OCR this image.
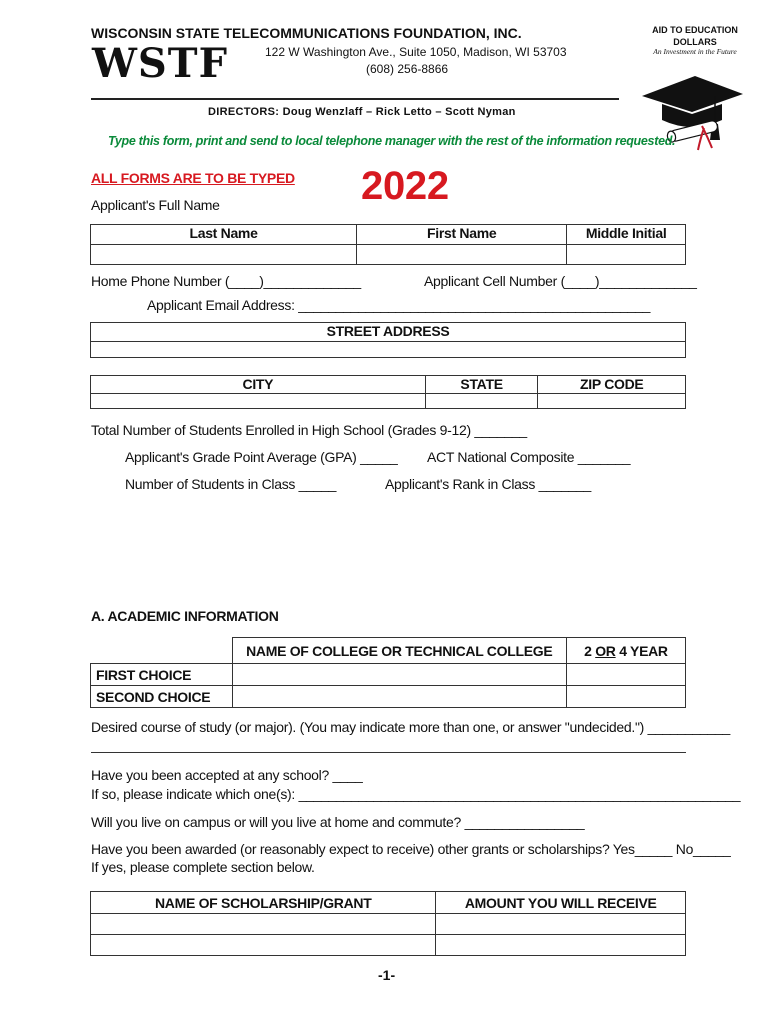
WISCONSIN STATE TELECOMMUNICATIONS FOUNDATION, INC.
WSTF	122 W Washington Ave., Suite 1050, Madison, WI 53703
(608) 256-8866
DIRECTORS: Doug Wenzlaff – Rick Letto – Scott Nyman
AID TO EDUCATION
DOLLARS
An Investment in the Future
Type this form, print and send to local telephone manager with the rest of the information requested.
ALL FORMS ARE TO BE TYPED 2022
Applicant's Full Name
Last Name	First Name	Middle Initial

Home Phone Number (____)_____________	Applicant Cell Number (____)_____________
Applicant Email Address: _______________________________________________
STREET ADDRESS

CITY	STATE	ZIP CODE

Total Number of Students Enrolled in High School (Grades 9-12) _______
Applicant's Grade Point Average (GPA) _____ ACT National Composite _______
Number of Students in Class _____	Applicant's Rank in Class _______
A. ACADEMIC INFORMATION
	NAME OF COLLEGE OR TECHNICAL COLLEGE	2 OR 4 YEAR
FIRST CHOICE		
SECOND CHOICE		
Desired course of study (or major). (You may indicate more than one, or answer "undecided.") ___________
Have you been accepted at any school? ____
If so, please indicate which one(s): ___________________________________________________________
Will you live on campus or will you live at home and commute? ________________
Have you been awarded (or reasonably expect to receive) other grants or scholarships? Yes_____ No_____
If yes, please complete section below.
NAME OF SCHOLARSHIP/GRANT	AMOUNT YOU WILL RECEIVE

-1-
